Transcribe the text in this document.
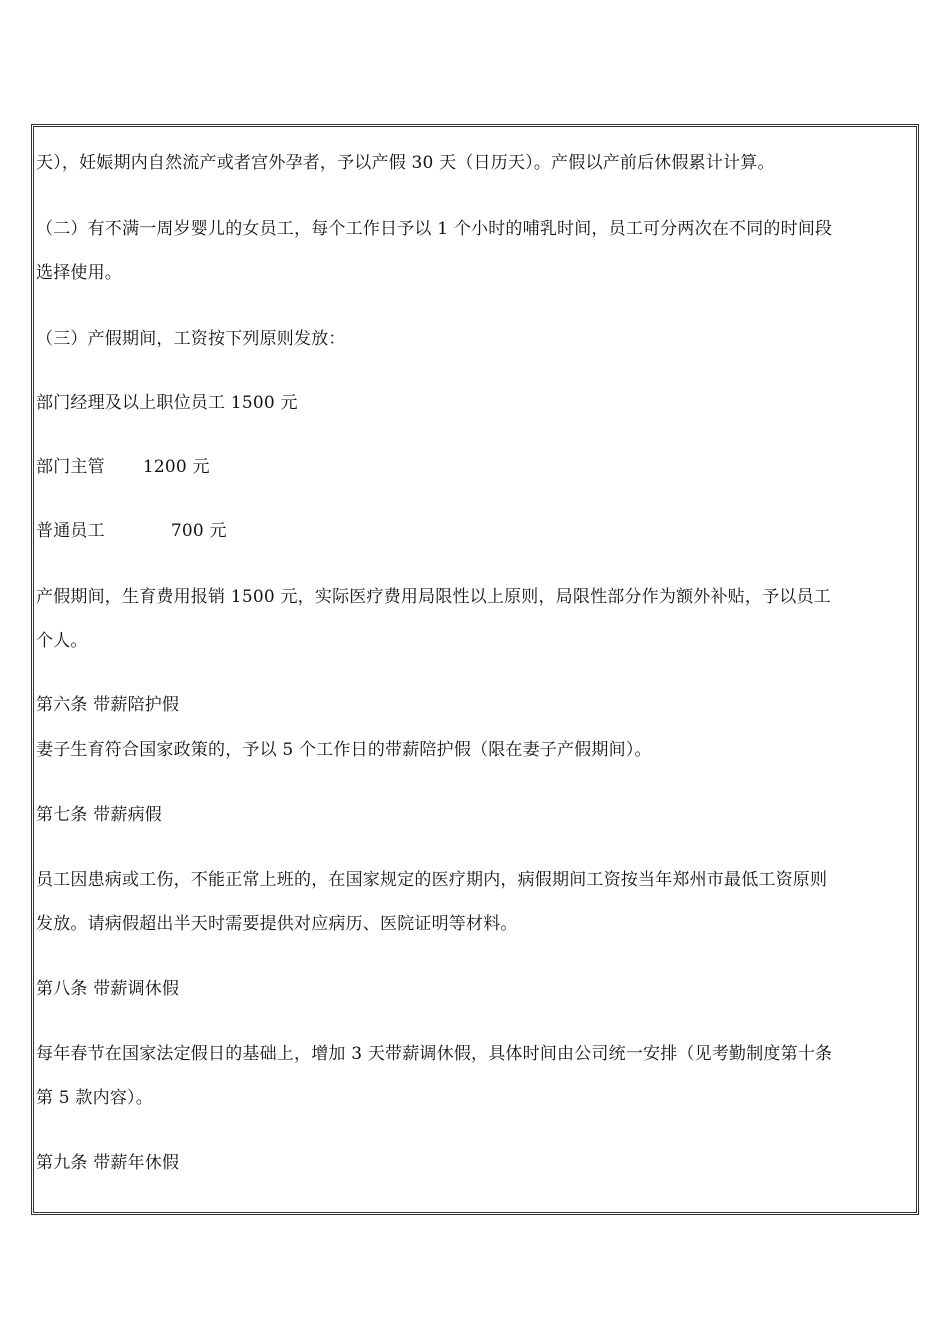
天），妊娠期内自然流产或者宫外孕者，予以产假 30 天（日历天）。产假以产前后休假累计计算。
（二）有不满一周岁婴儿的女员工，每个工作日予以 1 个小时的哺乳时间，员工可分两次在不同的时间段
选择使用。
（三）产假期间，工资按下列原则发放：
部门经理及以上职位员工 1500 元
部门主管 1200 元
普通员工	700 元
产假期间，生育费用报销 1500 元，实际医疗费用局限性以上原则，局限性部分作为额外补贴，予以员工
个人。
第六条 带薪陪护假
妻子生育符合国家政策的，予以 5 个工作日的带薪陪护假（限在妻子产假期间）。
第七条 带薪病假
员工因患病或工伤，不能正常上班的，在国家规定的医疗期内，病假期间工资按当年郑州市最低工资原则
发放。请病假超出半天时需要提供对应病历、医院证明等材料。
第八条 带薪调休假
每年春节在国家法定假日的基础上，增加 3 天带薪调休假，具体时间由公司统一安排（见考勤制度第十条
第 5 款内容）。
第九条 带薪年休假
